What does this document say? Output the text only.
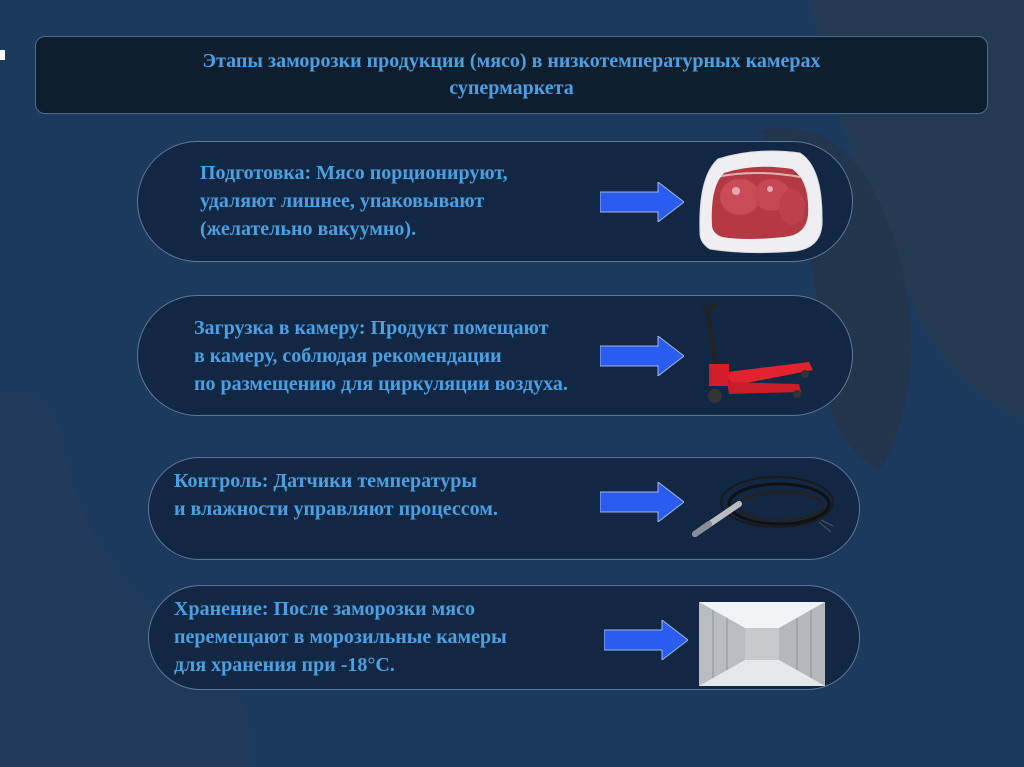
Этапы заморозки продукции (мясо) в низкотемпературных камерах
супермаркета
Подготовка: Мясо порционируют,
удаляют лишнее, упаковывают
(желательно вакуумно).
Загрузка в камеру: Продукт помещают
в камеру, соблюдая рекомендации
по размещению для циркуляции воздуха.
Контроль: Датчики температуры
и влажности управляют процессом.
Хранение: После заморозки мясо
перемещают в морозильные камеры
для хранения при -18°C.
